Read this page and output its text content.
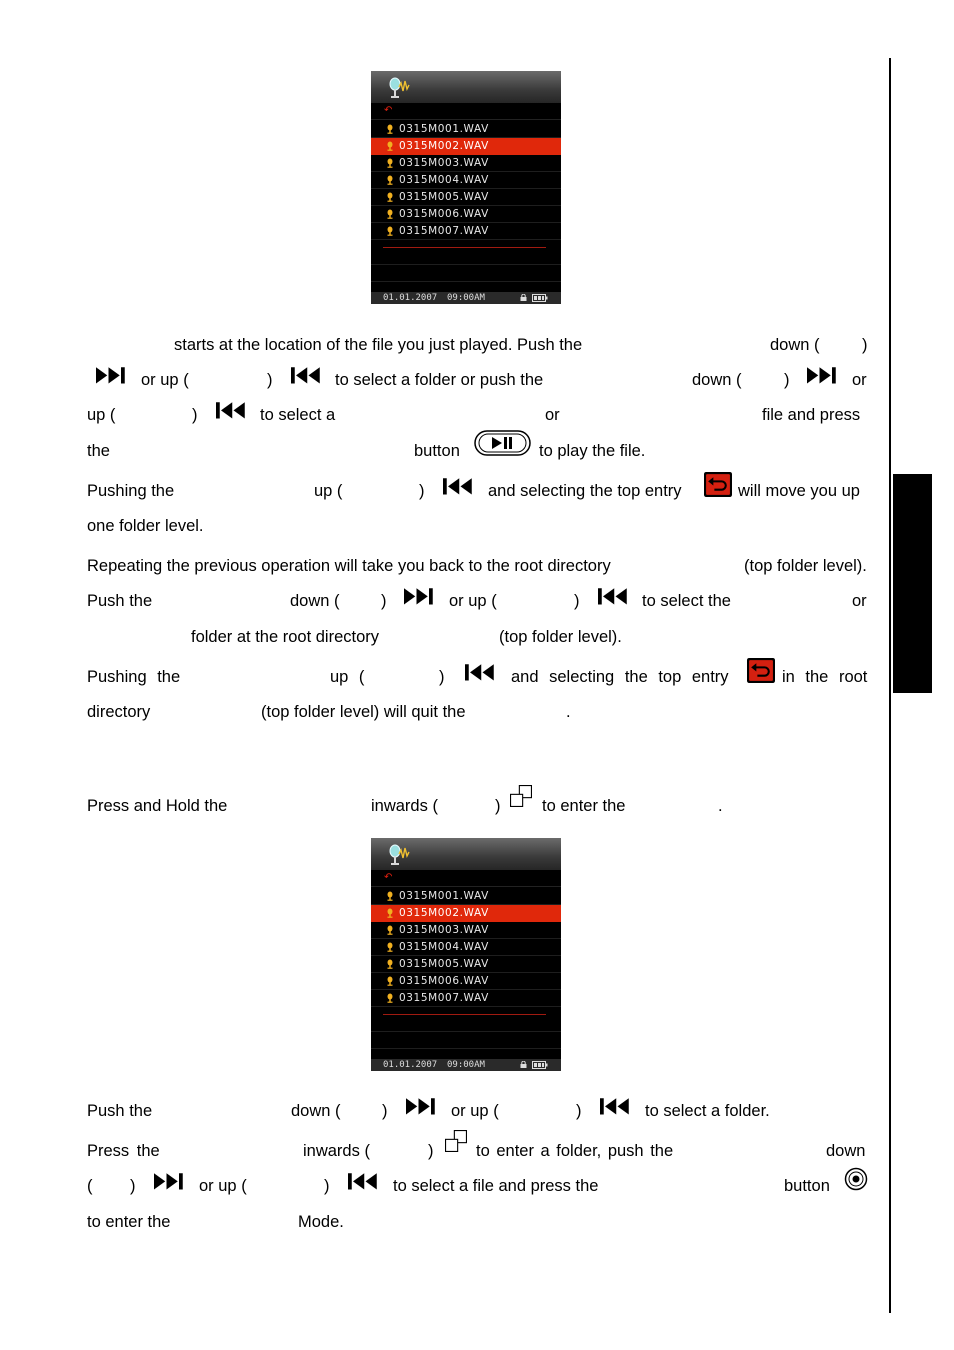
↶
0315M001.WAV
0315M002.WAV
0315M003.WAV
0315M004.WAV
0315M005.WAV
0315M006.WAV
0315M007.WAV
01.01.2007 09:00AM
↶
0315M001.WAV
0315M002.WAV
0315M003.WAV
0315M004.WAV
0315M005.WAV
0315M006.WAV
0315M007.WAV
01.01.2007 09:00AM
starts at the location of the file you just played. Push the	down (	)
or up (	)	to select a folder or push the	down (	)	or
up (	)	to select a	or	file and press
the	button	to play the file.
Pushing the	up (	)	and selecting the top entry	will move you up
one folder level.
Repeating the previous operation will take you back to the root directory	(top folder level).
Push the	down (	)	or up (	)	to select the	or
folder at the root directory	(top folder level).
Pushing the	up (	)	and selecting the top entry	in the root
directory	(top folder level) will quit the	.
Press and Hold the	inwards (	)	to enter the	.
Push the	down (	)	or up (	)	to select a folder.
Press the	inwards (	)	to enter a folder, push the	down
( )	or up (	)	to select a file and press the	button
to enter the	Mode.
